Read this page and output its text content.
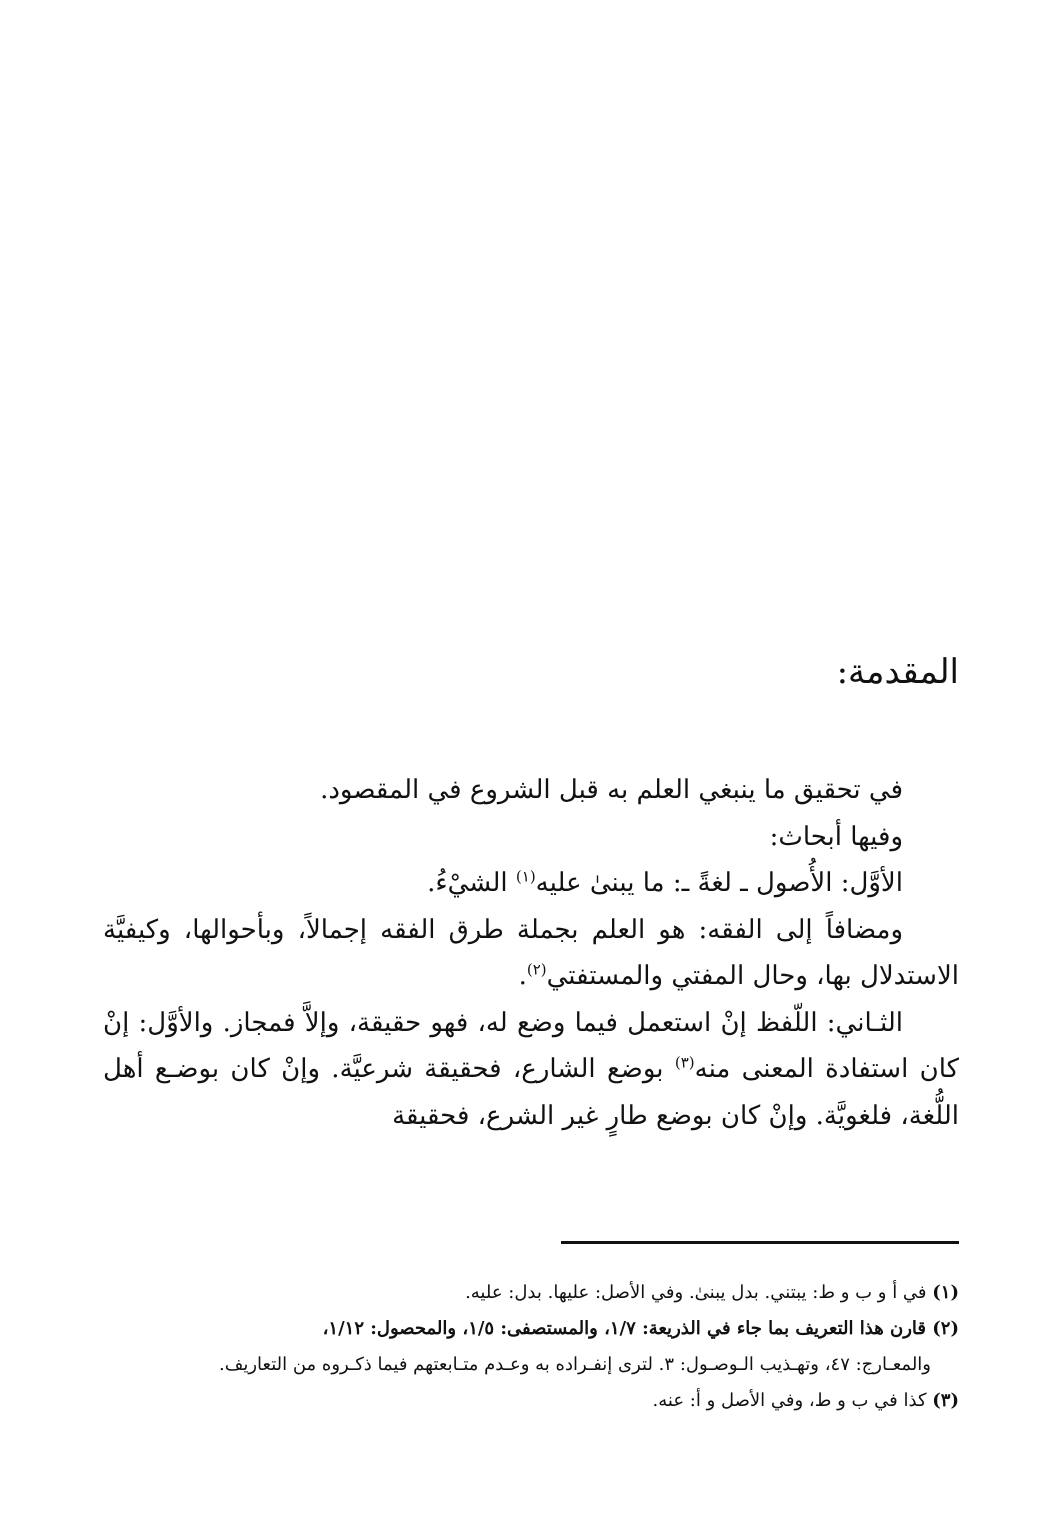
المقدمة:

في تحقيق ما ينبغي العلم به قبل الشروع في المقصود.

وفيها أبحاث:

الأوَّل: الأُصول ـ لغةً ـ: ما يبنىٰ عليه$^{(١)}$ الشيْءُ.

ومضافاً إلى الفقه: هو العلم بجملة طرق الفقه إجمالاً، وبأحوالها، وكيفيَّة الاستدلال بها، وحال المفتي والمستفتي$^{(٢)}$.

الثـاني: اللّفظ إنْ استعمل فيما وضع له، فهو حقيقة، وإلاَّ فمجاز. والأوَّل: إنْ كان استفادة المعنى منه$^{(٣)}$ بوضع الشارع، فحقيقة شرعيَّة. وإنْ كان بوضـع أهل اللُّغة، فلغويَّة. وإنْ كان بوضع طارٍ غير الشرع، فحقيقة

(١) في أ و ب و ط: يبتني. بدل يبنىٰ. وفي الأصل: عليها. بدل: عليه.

(٢) قارن هذا التعريف بما جاء في الذريعة: ١/٧، والمستصفى: ١/٥، والمحصول: ١/١٢،

والمعـارج: ٤٧، وتهـذيب الـوصـول: ٣. لترى إنفـراده به وعـدم متـابعتهم فيما ذكـروه من التعاريف.

(٣) كذا في ب و ط، وفي الأصل و أ: عنه.
